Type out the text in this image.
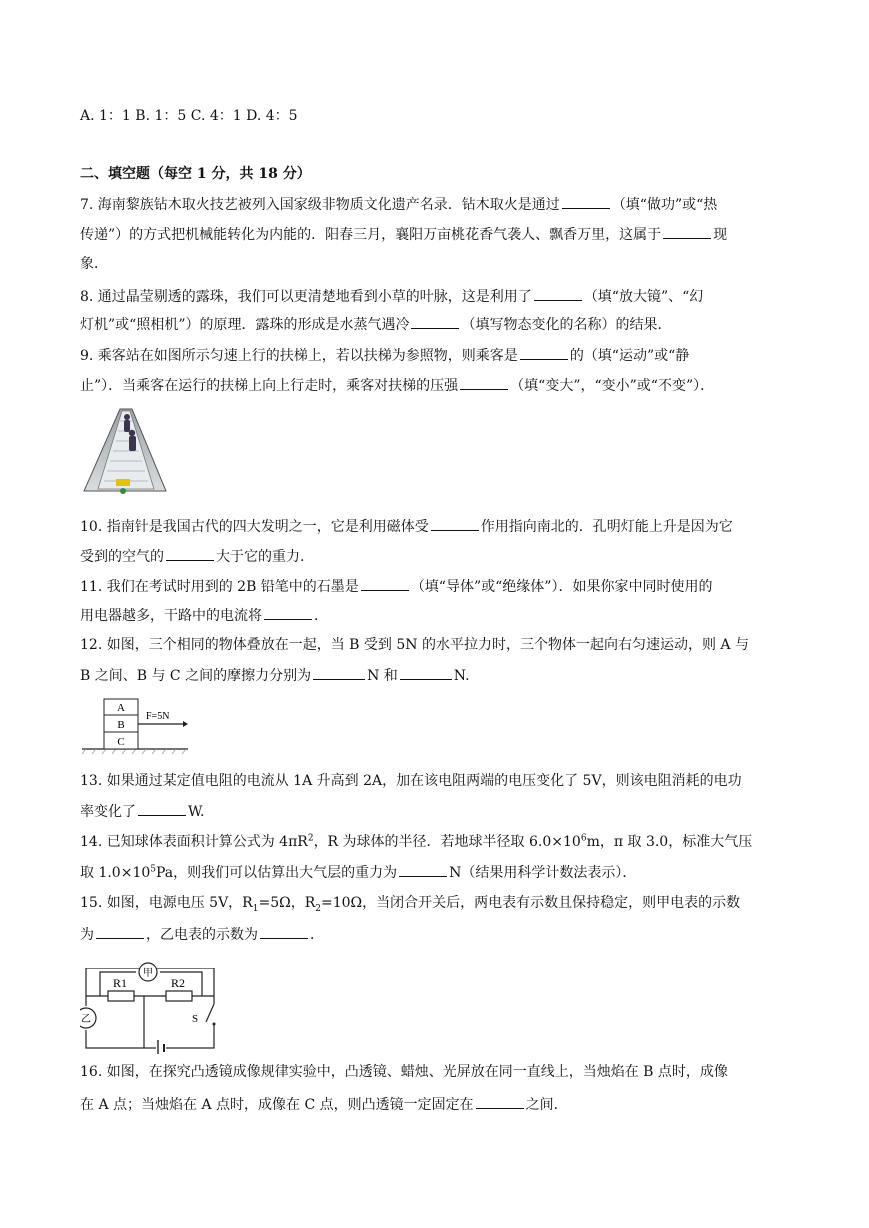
A. 1：1 B. 1：5 C. 4：1 D. 4：5
二、填空题（每空 1 分，共 18 分）
7. 海南黎族钻木取火技艺被列入国家级非物质文化遗产名录．钻木取火是通过	（填“做功”或“热
传递”）的方式把机械能转化为内能的．阳春三月，襄阳万亩桃花香气袭人、飘香万里，这属于	现
象．
8. 通过晶莹剔透的露珠，我们可以更清楚地看到小草的叶脉，这是利用了	（填“放大镜”、“幻
灯机”或“照相机”）的原理．露珠的形成是水蒸气遇冷	（填写物态变化的名称）的结果．
9. 乘客站在如图所示匀速上行的扶梯上，若以扶梯为参照物，则乘客是	的（填“运动”或“静
止”）．当乘客在运行的扶梯上向上行走时，乘客对扶梯的压强	（填“变大”，“变小”或“不变”）．
10. 指南针是我国古代的四大发明之一，它是利用磁体受	作用指向南北的．孔明灯能上升是因为它
受到的空气的	大于它的重力．
11. 我们在考试时用到的 2B 铅笔中的石墨是	（填“导体”或“绝缘体”）．如果你家中同时使用的
用电器越多，干路中的电流将	．
12. 如图，三个相同的物体叠放在一起，当 B 受到 5N 的水平拉力时，三个物体一起向右匀速运动，则 A 与
B 之间、B 与 C 之间的摩擦力分别为	N 和	N.
A
B
C
F=5N
13. 如果通过某定值电阻的电流从 1A 升高到 2A，加在该电阻两端的电压变化了 5V，则该电阻消耗的电功
率变化了	W.
14. 已知球体表面积计算公式为 $4\pi R^2$，R 为球体的半径．若地球半径取 $6.0\times 10^6m$，π 取 3.0，标准大气压
取 $1.0\times 10^5Pa$，则我们可以估算出大气层的重力为	N（结果用科学计数法表示）．
15. 如图，电源电压 5V，$R_1=5\Omega$，$R_2=10\Omega$，当闭合开关后，两电表有示数且保持稳定，则甲电表的示数
为	，乙电表的示数为	．
甲
R1	R2
乙	S
16. 如图，在探究凸透镜成像规律实验中，凸透镜、蜡烛、光屏放在同一直线上，当烛焰在 B 点时，成像
在 A 点；当烛焰在 A 点时，成像在 C 点，则凸透镜一定固定在	之间．
